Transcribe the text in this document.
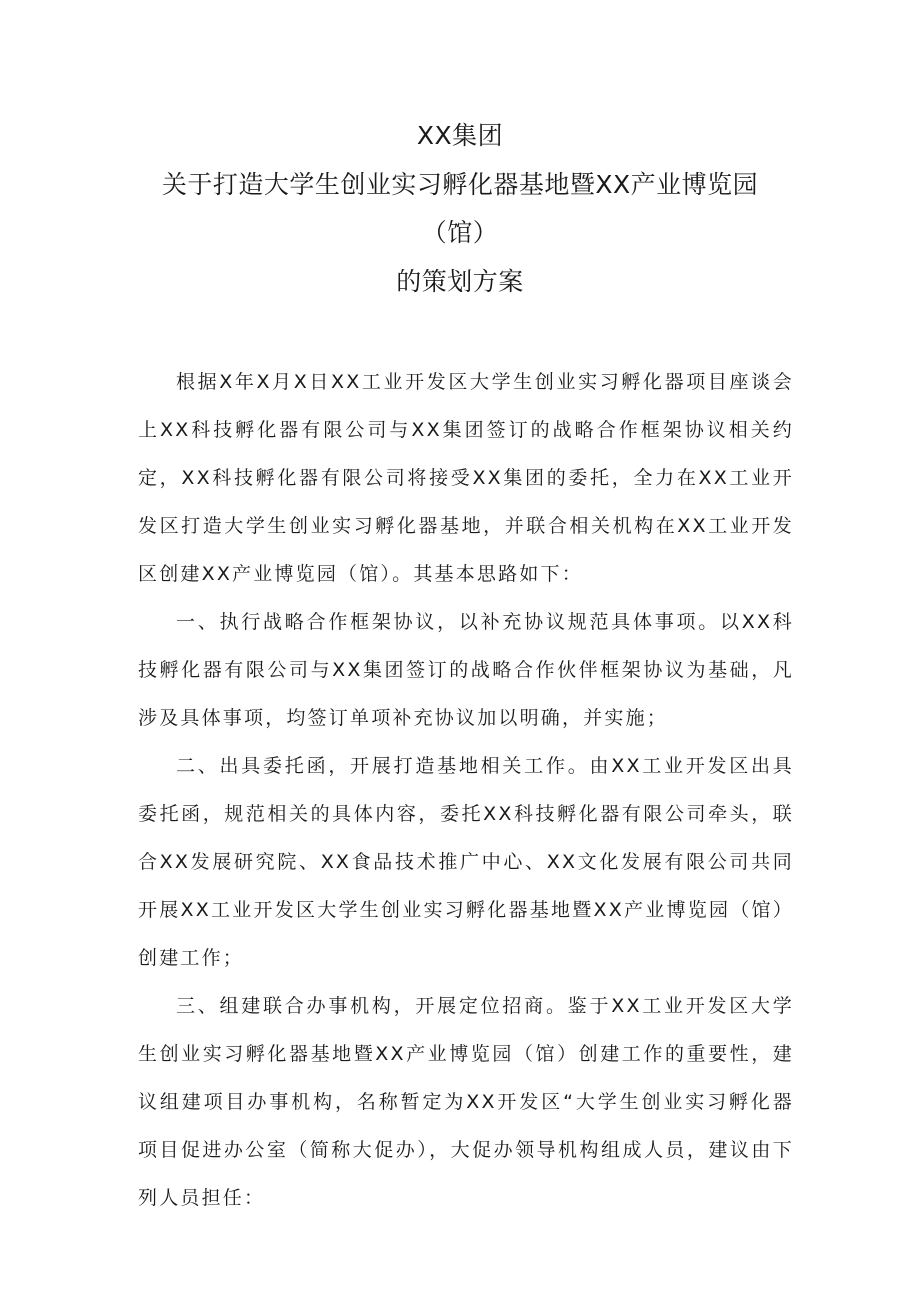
XX集团
关于打造大学生创业实习孵化器基地暨XX产业博览园
（馆）
的策划方案

根据X年X月X日XX工业开发区大学生创业实习孵化器项目座谈会上XX科技孵化器有限公司与XX集团签订的战略合作框架协议相关约定，XX科技孵化器有限公司将接受XX集团的委托，全力在XX工业开发区打造大学生创业实习孵化器基地，并联合相关机构在XX工业开发区创建XX产业博览园（馆）。其基本思路如下：

一、执行战略合作框架协议，以补充协议规范具体事项。以XX科技孵化器有限公司与XX集团签订的战略合作伙伴框架协议为基础，凡涉及具体事项，均签订单项补充协议加以明确，并实施；

二、出具委托函，开展打造基地相关工作。由XX工业开发区出具委托函，规范相关的具体内容，委托XX科技孵化器有限公司牵头，联合XX发展研究院、XX食品技术推广中心、XX文化发展有限公司共同开展XX工业开发区大学生创业实习孵化器基地暨XX产业博览园（馆）创建工作；

三、组建联合办事机构，开展定位招商。鉴于XX工业开发区大学生创业实习孵化器基地暨XX产业博览园（馆）创建工作的重要性，建议组建项目办事机构，名称暂定为XX开发区“大学生创业实习孵化器项目促进办公室（简称大促办），大促办领导机构组成人员，建议由下列人员担任：
